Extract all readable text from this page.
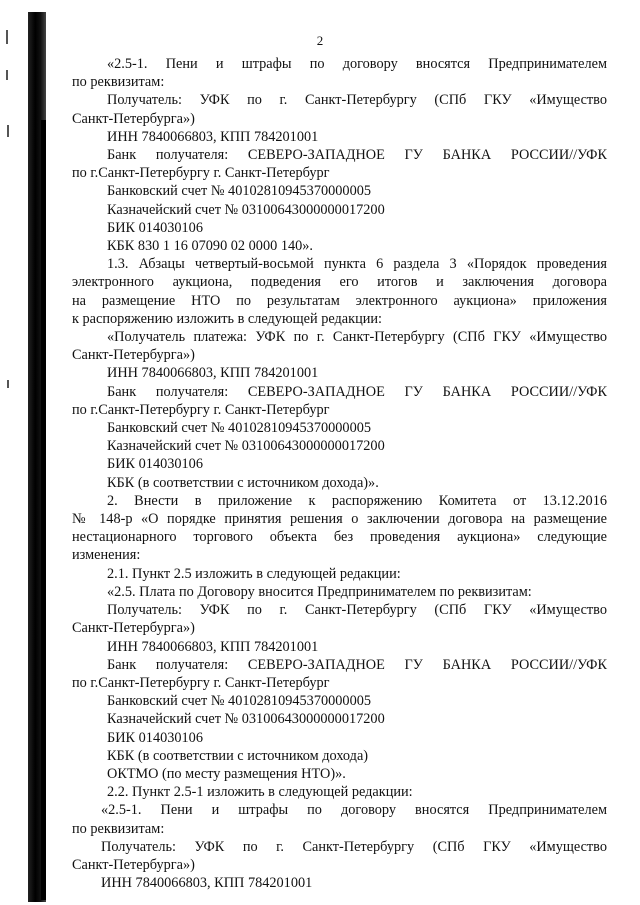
2
«2.5-1. Пени и штрафы по договору вносятся Предпринимателем
по реквизитам:
Получатель: УФК по г. Санкт-Петербургу (СПб ГКУ «Имущество
Санкт-Петербурга»)
ИНН 7840066803, КПП 784201001
Банк получателя: СЕВЕРО-ЗАПАДНОЕ ГУ БАНКА РОССИИ//УФК
по г.Санкт-Петербургу г. Санкт-Петербург
Банковский счет № 40102810945370000005
Казначейский счет № 03100643000000017200
БИК 014030106
КБК 830 1 16 07090 02 0000 140».
1.3. Абзацы четвертый-восьмой пункта 6 раздела 3 «Порядок проведения
электронного аукциона, подведения его итогов и заключения договора
на размещение НТО по результатам электронного аукциона» приложения
к распоряжению изложить в следующей редакции:
«Получатель платежа: УФК по г. Санкт-Петербургу (СПб ГКУ «Имущество
Санкт-Петербурга»)
ИНН 7840066803, КПП 784201001
Банк получателя: СЕВЕРО-ЗАПАДНОЕ ГУ БАНКА РОССИИ//УФК
по г.Санкт-Петербургу г. Санкт-Петербург
Банковский счет № 40102810945370000005
Казначейский счет № 03100643000000017200
БИК 014030106
КБК (в соответствии с источником дохода)».
2. Внести в приложение к распоряжению Комитета от 13.12.2016
№ 148-р «О порядке принятия решения о заключении договора на размещение
нестационарного торгового объекта без проведения аукциона» следующие
изменения:
2.1. Пункт 2.5 изложить в следующей редакции:
«2.5. Плата по Договору вносится Предпринимателем по реквизитам:
Получатель: УФК по г. Санкт-Петербургу (СПб ГКУ «Имущество
Санкт-Петербурга»)
ИНН 7840066803, КПП 784201001
Банк получателя: СЕВЕРО-ЗАПАДНОЕ ГУ БАНКА РОССИИ//УФК
по г.Санкт-Петербургу г. Санкт-Петербург
Банковский счет № 40102810945370000005
Казначейский счет № 03100643000000017200
БИК 014030106
КБК (в соответствии с источником дохода)
ОКТМО (по месту размещения НТО)».
2.2. Пункт 2.5-1 изложить в следующей редакции:
«2.5-1. Пени и штрафы по договору вносятся Предпринимателем
по реквизитам:
Получатель: УФК по г. Санкт-Петербургу (СПб ГКУ «Имущество
Санкт-Петербурга»)
ИНН 7840066803, КПП 784201001
